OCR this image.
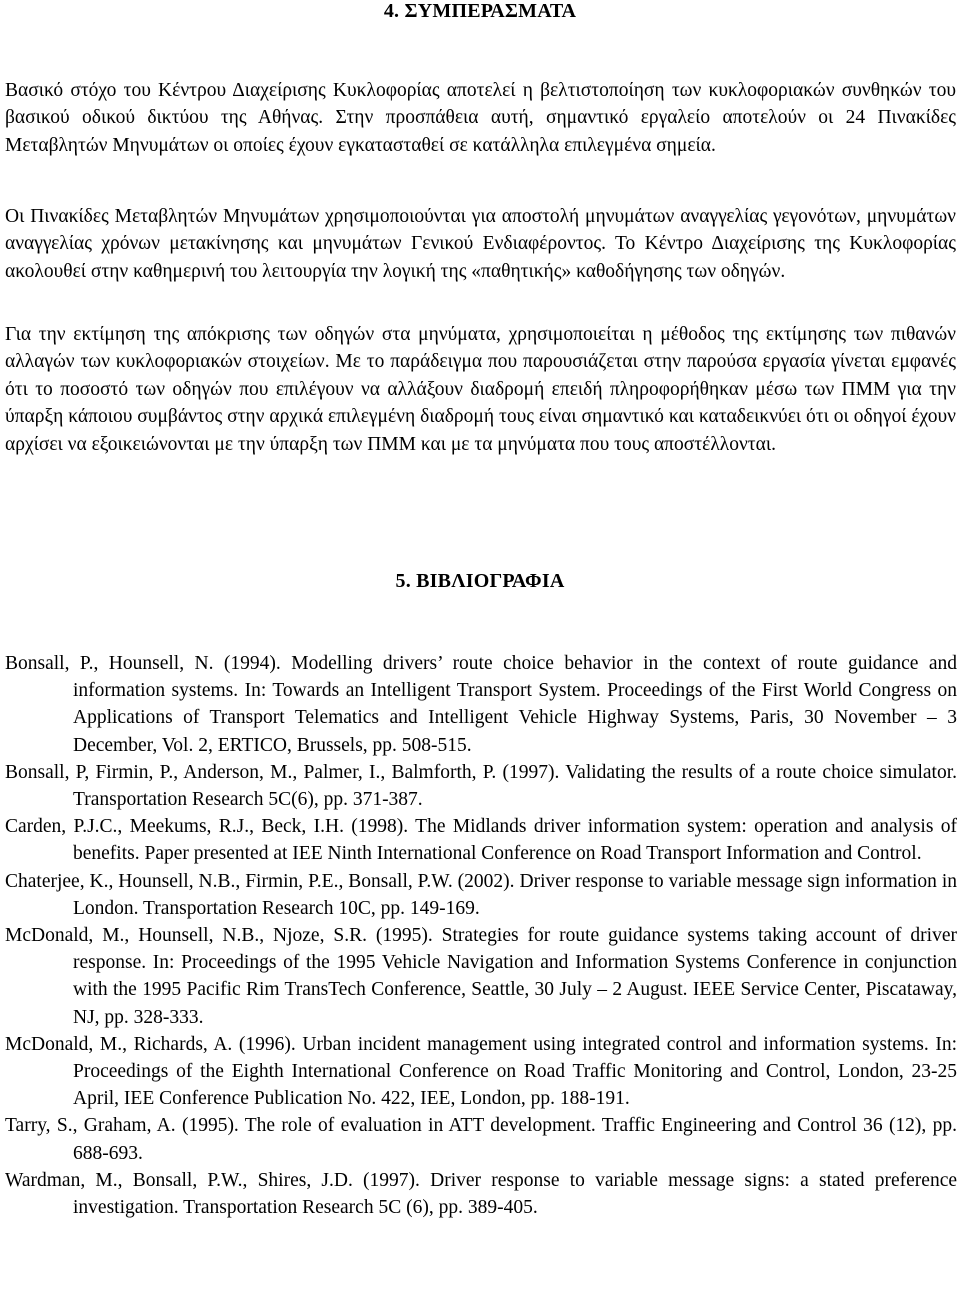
4. ΣΥΜΠΕΡΑΣΜΑΤΑ

Βασικό στόχο του Κέντρου Διαχείρισης Κυκλοφορίας αποτελεί η βελτιστοποίηση των κυκλοφοριακών συνθηκών του βασικού οδικού δικτύου της Αθήνας. Στην προσπάθεια αυτή, σημαντικό εργαλείο αποτελούν οι 24 Πινακίδες Μεταβλητών Μηνυμάτων οι οποίες έχουν εγκατασταθεί σε κατάλληλα επιλεγμένα σημεία.

Οι Πινακίδες Μεταβλητών Μηνυμάτων χρησιμοποιούνται για αποστολή μηνυμάτων αναγγελίας γεγονότων, μηνυμάτων αναγγελίας χρόνων μετακίνησης και μηνυμάτων Γενικού Ενδιαφέροντος. Το Κέντρο Διαχείρισης της Κυκλοφορίας ακολουθεί στην καθημερινή του λειτουργία την λογική της «παθητικής» καθοδήγησης των οδηγών.

Για την εκτίμηση της απόκρισης των οδηγών στα μηνύματα, χρησιμοποιείται η μέθοδος της εκτίμησης των πιθανών αλλαγών των κυκλοφοριακών στοιχείων. Με το παράδειγμα που παρουσιάζεται στην παρούσα εργασία γίνεται εμφανές ότι το ποσοστό των οδηγών που επιλέγουν να αλλάξουν διαδρομή επειδή πληροφορήθηκαν μέσω των ΠΜΜ για την ύπαρξη κάποιου συμβάντος στην αρχικά επιλεγμένη διαδρομή τους είναι σημαντικό και καταδεικνύει ότι οι οδηγοί έχουν αρχίσει να εξοικειώνονται με την ύπαρξη των ΠΜΜ και με τα μηνύματα που τους αποστέλλονται.

5. ΒΙΒΛΙΟΓΡΑΦΙΑ
Bonsall, P., Hounsell, N. (1994). Modelling drivers’ route choice behavior in the context of route guidance and information systems. In: Towards an Intelligent Transport System. Proceedings of the First World Congress on Applications of Transport Telematics and Intelligent Vehicle Highway Systems, Paris, 30 November – 3 December, Vol. 2, ERTICO, Brussels, pp. 508-515.
Bonsall, P, Firmin, P., Anderson, M., Palmer, I., Balmforth, P. (1997). Validating the results of a route choice simulator. Transportation Research 5C(6), pp. 371-387.
Carden, P.J.C., Meekums, R.J., Beck, I.H. (1998). The Midlands driver information system: operation and analysis of benefits. Paper presented at IEE Ninth International Conference on Road Transport Information and Control.
Chaterjee, K., Hounsell, N.B., Firmin, P.E., Bonsall, P.W. (2002). Driver response to variable message sign information in London. Transportation Research 10C, pp. 149-169.
McDonald, M., Hounsell, N.B., Njoze, S.R. (1995). Strategies for route guidance systems taking account of driver response. In: Proceedings of the 1995 Vehicle Navigation and Information Systems Conference in conjunction with the 1995 Pacific Rim TransTech Conference, Seattle, 30 July – 2 August. IEEE Service Center, Piscataway, NJ, pp. 328-333.
McDonald, M., Richards, A. (1996). Urban incident management using integrated control and information systems. In: Proceedings of the Eighth International Conference on Road Traffic Monitoring and Control, London, 23-25 April, IEE Conference Publication No. 422, IEE, London, pp. 188-191.
Tarry, S., Graham, A. (1995). The role of evaluation in ATT development. Traffic Engineering and Control 36 (12), pp. 688-693.
Wardman, M., Bonsall, P.W., Shires, J.D. (1997). Driver response to variable message signs: a stated preference investigation. Transportation Research 5C (6), pp. 389-405.
